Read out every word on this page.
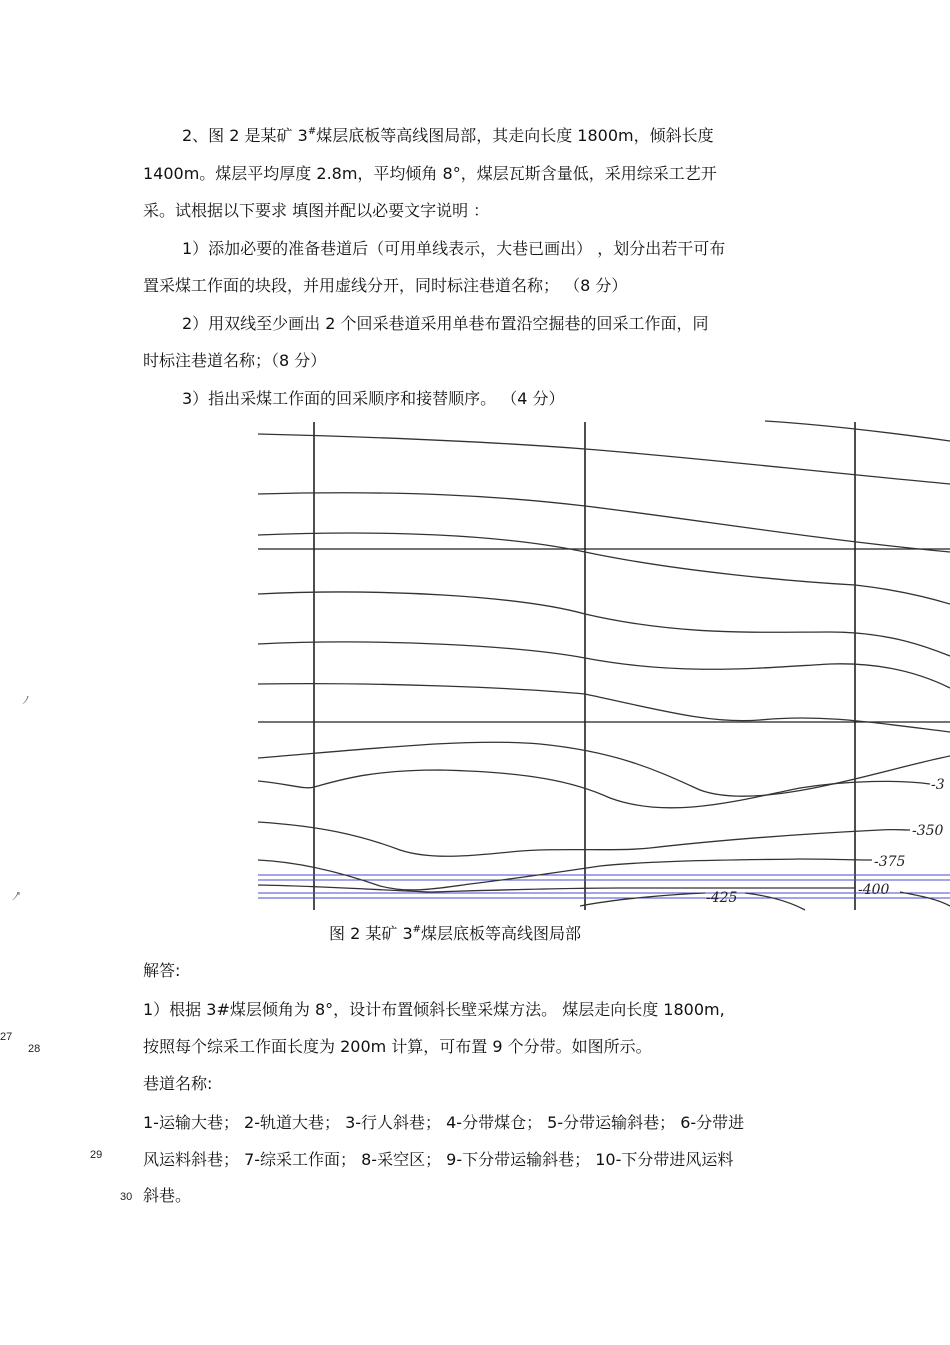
2、图 2 是某矿 3#煤层底板等高线图局部，其走向长度 1800m，倾斜长度
1400m。煤层平均厚度 2.8m，平均倾角 8°，煤层瓦斯含量低，采用综采工艺开
采。试根据以下要求 填图并配以必要文字说明 ：
1）添加必要的准备巷道后（可用单线表示，大巷已画出） ，划分出若干可布
置采煤工作面的块段，并用虚线分开，同时标注巷道名称； （8 分）
2）用双线至少画出 2 个回采巷道采用单巷布置沿空掘巷的回采工作面，同
时标注巷道名称；（8 分）
3）指出采煤工作面的回采顺序和接替顺序。 （4 分）
ﾉ
ﾉ'
-3
-350
-375
-400
-425
图 2 某矿 3#煤层底板等高线图局部
解答:
1）根据 3#煤层倾角为 8°，设计布置倾斜长壁采煤方法。 煤层走向长度 1800m,
按照每个综采工作面长度为 200m 计算，可布置 9 个分带。如图所示。
巷道名称:
1-运输大巷； 2-轨道大巷； 3-行人斜巷； 4-分带煤仓； 5-分带运输斜巷； 6-分带进
风运料斜巷； 7-综采工作面； 8-采空区； 9-下分带运输斜巷； 10-下分带进风运料
斜巷。
27
28
29
30
